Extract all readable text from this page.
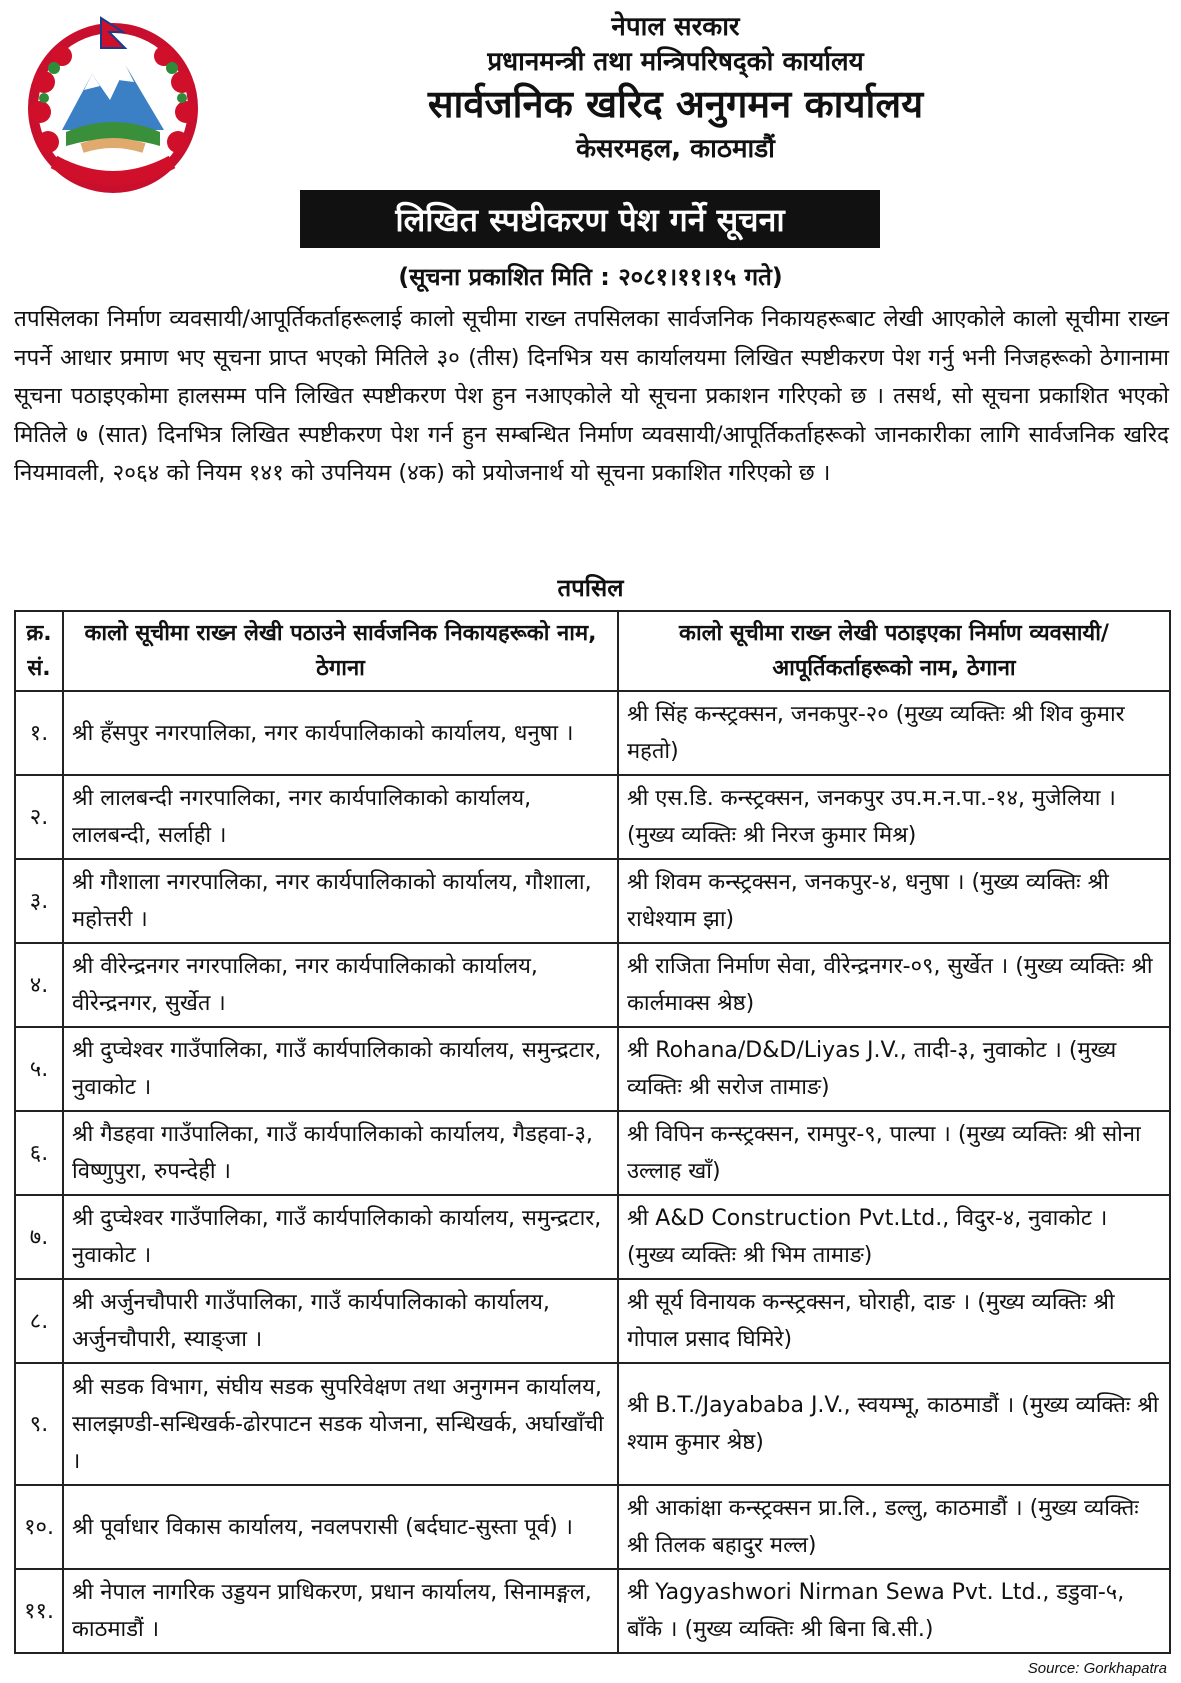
नेपाल सरकार
प्रधानमन्त्री तथा मन्त्रिपरिषद्को कार्यालय
सार्वजनिक खरिद अनुगमन कार्यालय
केसरमहल, काठमाडौं
लिखित स्पष्टीकरण पेश गर्ने सूचना
(सूचना प्रकाशित मिति : २०८१।११।१५ गते)
तपसिलका निर्माण व्यवसायी/आपूर्तिकर्ताहरूलाई कालो सूचीमा राख्न तपसिलका सार्वजनिक निकायहरूबाट लेखी आएकोले कालो सूचीमा राख्न नपर्ने आधार प्रमाण भए सूचना प्राप्त भएको मितिले ३० (तीस) दिनभित्र यस कार्यालयमा लिखित स्पष्टीकरण पेश गर्नु भनी निजहरूको ठेगानामा सूचना पठाइएकोमा हालसम्म पनि लिखित स्पष्टीकरण पेश हुन नआएकोले यो सूचना प्रकाशन गरिएको छ । तसर्थ, सो सूचना प्रकाशित भएको मितिले ७ (सात) दिनभित्र लिखित स्पष्टीकरण पेश गर्न हुन सम्बन्धित निर्माण व्यवसायी/आपूर्तिकर्ताहरूको जानकारीका लागि सार्वजनिक खरिद नियमावली, २०६४ को नियम १४१ को उपनियम (४क) को प्रयोजनार्थ यो सूचना प्रकाशित गरिएको छ ।
तपसिल
क्र. सं.	कालो सूचीमा राख्न लेखी पठाउने सार्वजनिक निकायहरूको नाम, ठेगाना	कालो सूचीमा राख्न लेखी पठाइएका निर्माण व्यवसायी/आपूर्तिकर्ताहरूको नाम, ठेगाना
१.	श्री हँसपुर नगरपालिका, नगर कार्यपालिकाको कार्यालय, धनुषा ।	श्री सिंह कन्स्ट्रक्सन, जनकपुर-२० (मुख्य व्यक्तिः श्री शिव कुमार महतो)
२.	श्री लालबन्दी नगरपालिका, नगर कार्यपालिकाको कार्यालय, लालबन्दी, सर्लाही ।	श्री एस.डि. कन्स्ट्रक्सन, जनकपुर उप.म.न.पा.-१४, मुजेलिया । (मुख्य व्यक्तिः श्री निरज कुमार मिश्र)
३.	श्री गौशाला नगरपालिका, नगर कार्यपालिकाको कार्यालय, गौशाला, महोत्तरी ।	श्री शिवम कन्स्ट्रक्सन, जनकपुर-४, धनुषा । (मुख्य व्यक्तिः श्री राधेश्याम झा)
४.	श्री वीरेन्द्रनगर नगरपालिका, नगर कार्यपालिकाको कार्यालय, वीरेन्द्रनगर, सुर्खेत ।	श्री राजिता निर्माण सेवा, वीरेन्द्रनगर-०९, सुर्खेत । (मुख्य व्यक्तिः श्री कार्लमाक्स श्रेष्ठ)
५.	श्री दुप्चेश्वर गाउँपालिका, गाउँ कार्यपालिकाको कार्यालय, समुन्द्रटार, नुवाकोट ।	श्री Rohana/D&D/Liyas J.V., तादी-३, नुवाकोट । (मुख्य व्यक्तिः श्री सरोज तामाङ)
६.	श्री गैडहवा गाउँपालिका, गाउँ कार्यपालिकाको कार्यालय, गैडहवा-३, विष्णुपुरा, रुपन्देही ।	श्री विपिन कन्स्ट्रक्सन, रामपुर-९, पाल्पा । (मुख्य व्यक्तिः श्री सोना उल्लाह खाँ)
७.	श्री दुप्चेश्वर गाउँपालिका, गाउँ कार्यपालिकाको कार्यालय, समुन्द्रटार, नुवाकोट ।	श्री A&D Construction Pvt.Ltd., विदुर-४, नुवाकोट । (मुख्य व्यक्तिः श्री भिम तामाङ)
८.	श्री अर्जुनचौपारी गाउँपालिका, गाउँ कार्यपालिकाको कार्यालय, अर्जुनचौपारी, स्याङ्जा ।	श्री सूर्य विनायक कन्स्ट्रक्सन, घोराही, दाङ । (मुख्य व्यक्तिः श्री गोपाल प्रसाद घिमिरे)
९.	श्री सडक विभाग, संघीय सडक सुपरिवेक्षण तथा अनुगमन कार्यालय, सालझण्डी-सन्धिखर्क-ढोरपाटन सडक योजना, सन्धिखर्क, अर्घाखाँची ।	श्री B.T./Jayababa J.V., स्वयम्भू, काठमाडौं । (मुख्य व्यक्तिः श्री श्याम कुमार श्रेष्ठ)
१०.	श्री पूर्वाधार विकास कार्यालय, नवलपरासी (बर्दघाट-सुस्ता पूर्व) ।	श्री आकांक्षा कन्स्ट्रक्सन प्रा.लि., डल्लु, काठमाडौं । (मुख्य व्यक्तिः श्री तिलक बहादुर मल्ल)
११.	श्री नेपाल नागरिक उड्डयन प्राधिकरण, प्रधान कार्यालय, सिनामङ्गल, काठमाडौं ।	श्री Yagyashwori Nirman Sewa Pvt. Ltd., डडुवा-५, बाँके । (मुख्य व्यक्तिः श्री बिना बि.सी.)
Source: Gorkhapatra
